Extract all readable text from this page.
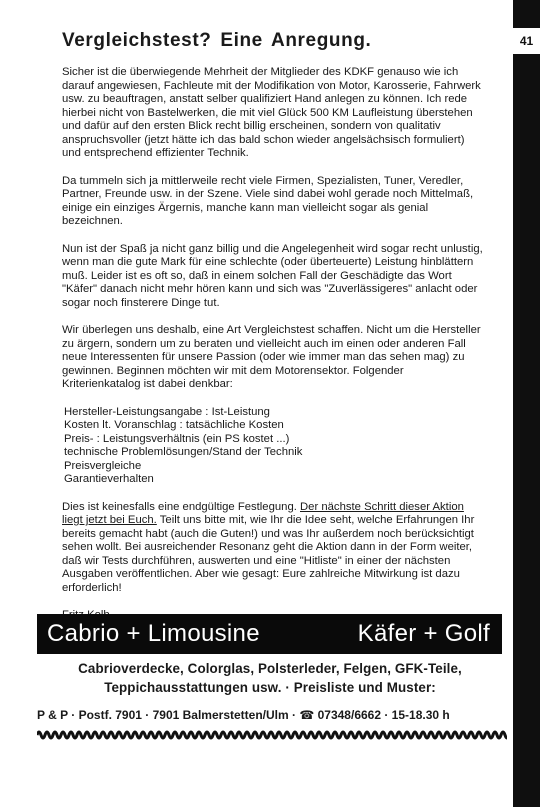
41
Vergleichstest? Eine Anregung.

Sicher ist die überwiegende Mehrheit der Mitglieder des KDKF genauso wie ich darauf angewiesen, Fachleute mit der Modifikation von Motor, Karosserie, Fahrwerk usw. zu beauftragen, anstatt selber qualifiziert Hand anlegen zu können. Ich rede hierbei nicht von Bastelwerken, die mit viel Glück 500 KM Laufleistung überstehen und dafür auf den ersten Blick recht billig erscheinen, sondern von qualitativ anspruchsvoller (jetzt hätte ich das bald schon wieder angelsächsisch formuliert) und entsprechend effizienter Technik.

Da tummeln sich ja mittlerweile recht viele Firmen, Spezialisten, Tuner, Veredler, Partner, Freunde usw. in der Szene. Viele sind dabei wohl gerade noch Mittelmaß, einige ein einziges Ärgernis, manche kann man vielleicht sogar als genial bezeichnen.

Nun ist der Spaß ja nicht ganz billig und die Angelegenheit wird sogar recht unlustig, wenn man die gute Mark für eine schlechte (oder überteuerte) Leistung hinblättern muß. Leider ist es oft so, daß in einem solchen Fall der Geschädigte das Wort "Käfer" danach nicht mehr hören kann und sich was "Zuverlässigeres" anlacht oder sogar noch finsterere Dinge tut.

Wir überlegen uns deshalb, eine Art Vergleichstest schaffen. Nicht um die Hersteller zu ärgern, sondern um zu beraten und vielleicht auch im einen oder anderen Fall neue Interessenten für unsere Passion (oder wie immer man das sehen mag) zu gewinnen. Beginnen möchten wir mit dem Motorensektor. Folgender Kriterienkatalog ist dabei denkbar:

Hersteller-Leistungsangabe : Ist-Leistung
Kosten lt. Voranschlag : tatsächliche Kosten
Preis- : Leistungsverhältnis (ein PS kostet ...)
technische Problemlösungen/Stand der Technik
Preisvergleiche
Garantieverhalten

Dies ist keinesfalls eine endgültige Festlegung. Der nächste Schritt dieser Aktion liegt jetzt bei Euch. Teilt uns bitte mit, wie Ihr die Idee seht, welche Erfahrungen Ihr bereits gemacht habt (auch die Guten!) und was Ihr außerdem noch berücksichtigt sehen wollt. Bei ausreichender Resonanz geht die Aktion dann in der Form weiter, daß wir Tests durchführen, auswerten und eine "Hitliste" in einer der nächsten Ausgaben veröffentlichen. Aber wie gesagt: Eure zahlreiche Mitwirkung ist dazu erforderlich!

Cabrio + Limousine	Käfer + Golf
Cabrioverdecke, Colorglas, Polsterleder, Felgen, GFK-Teile,
Teppichausstattungen usw. · Preisliste und Muster:
P & P · Postf. 7901 · 7901 Balmerstetten/Ulm · ☎ 07348/6662 · 15-18.30 h
